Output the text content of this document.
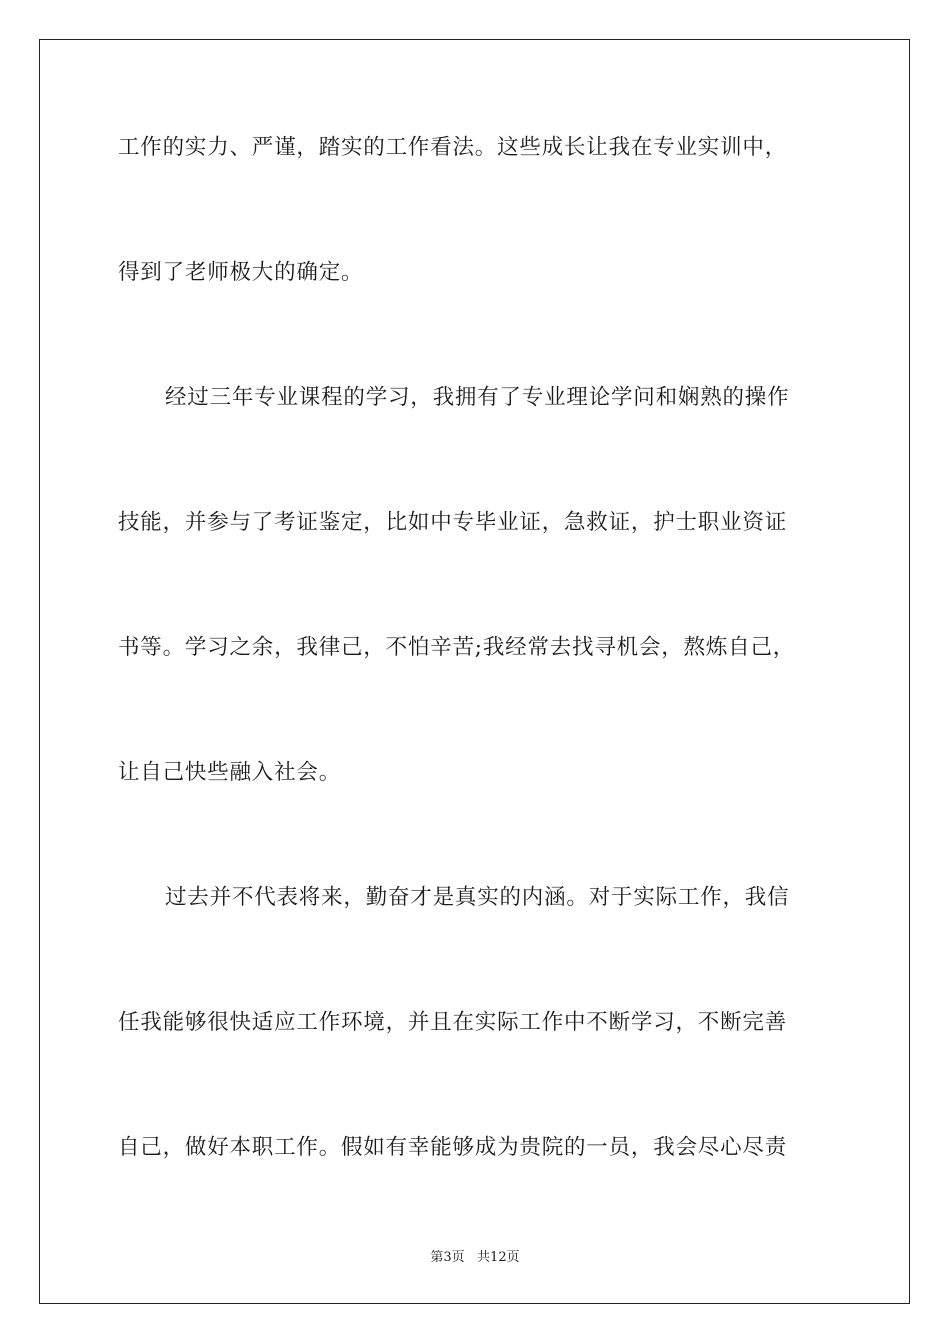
工作的实力、严谨，踏实的工作看法。这些成长让我在专业实训中，
得到了老师极大的确定。
经过三年专业课程的学习，我拥有了专业理论学问和娴熟的操作
技能，并参与了考证鉴定，比如中专毕业证，急救证，护士职业资证
书等。学习之余，我律己，不怕辛苦;我经常去找寻机会，熬炼自己，
让自己快些融入社会。
过去并不代表将来，勤奋才是真实的内涵。对于实际工作，我信
任我能够很快适应工作环境，并且在实际工作中不断学习，不断完善
自己，做好本职工作。假如有幸能够成为贵院的一员，我会尽心尽责
第3页   共12页
